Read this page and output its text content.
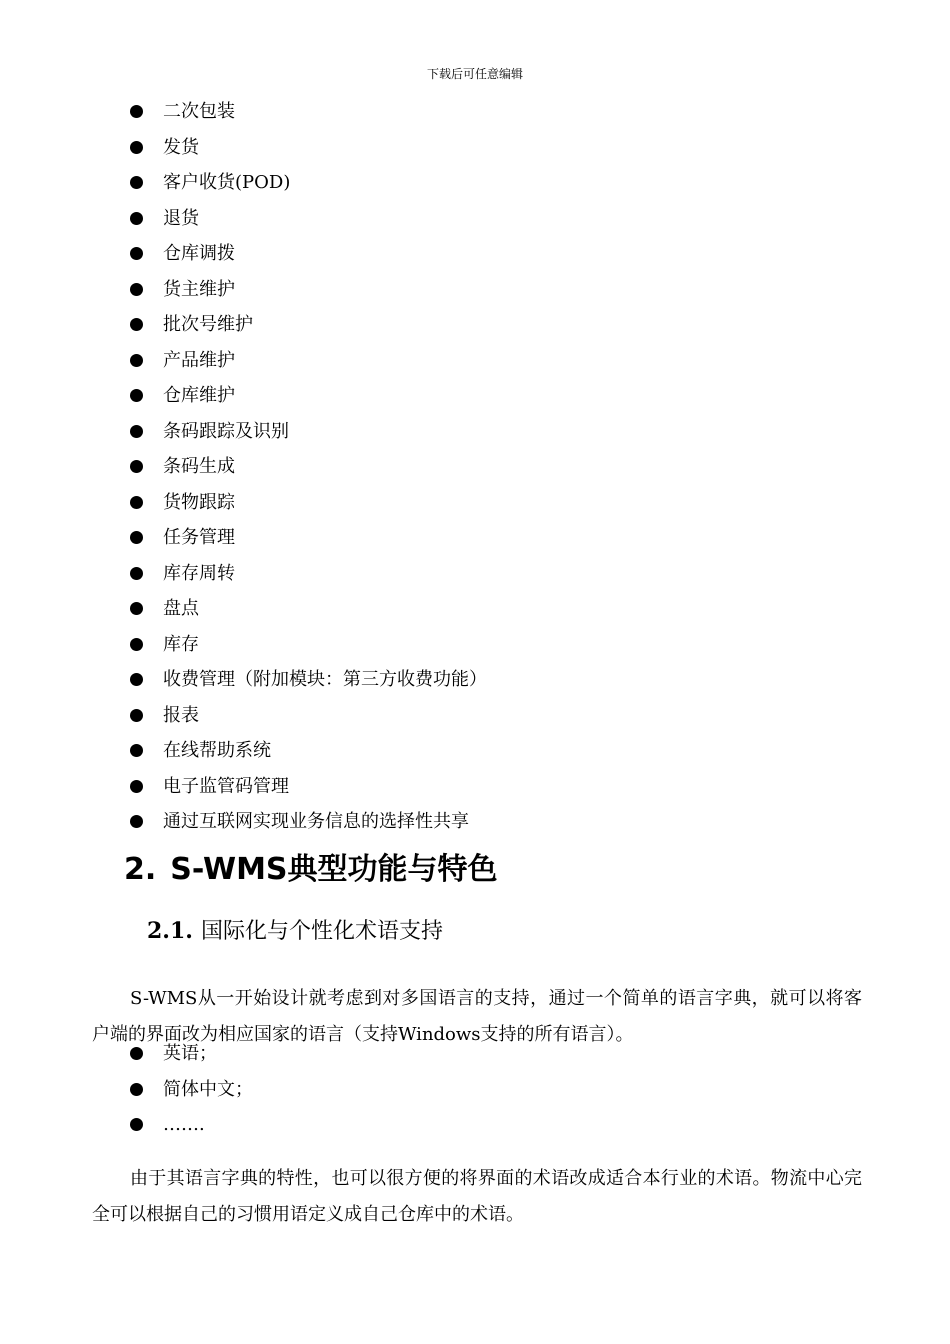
下载后可任意编辑
二次包装
发货
客户收货(POD)
退货
仓库调拨
货主维护
批次号维护
产品维护
仓库维护
条码跟踪及识别
条码生成
货物跟踪
任务管理
库存周转
盘点
库存
收费管理（附加模块：第三方收费功能）
报表
在线帮助系统
电子监管码管理
通过互联网实现业务信息的选择性共享
2. S-WMS典型功能与特色
2.1. 国际化与个性化术语支持

S-WMS从一开始设计就考虑到对多国语言的支持，通过一个简单的语言字典，就可以将客户端的界面改为相应国家的语言（支持Windows支持的所有语言）。

英语；
简体中文；
…….

由于其语言字典的特性，也可以很方便的将界面的术语改成适合本行业的术语。物流中心完全可以根据自己的习惯用语定义成自己仓库中的术语。
